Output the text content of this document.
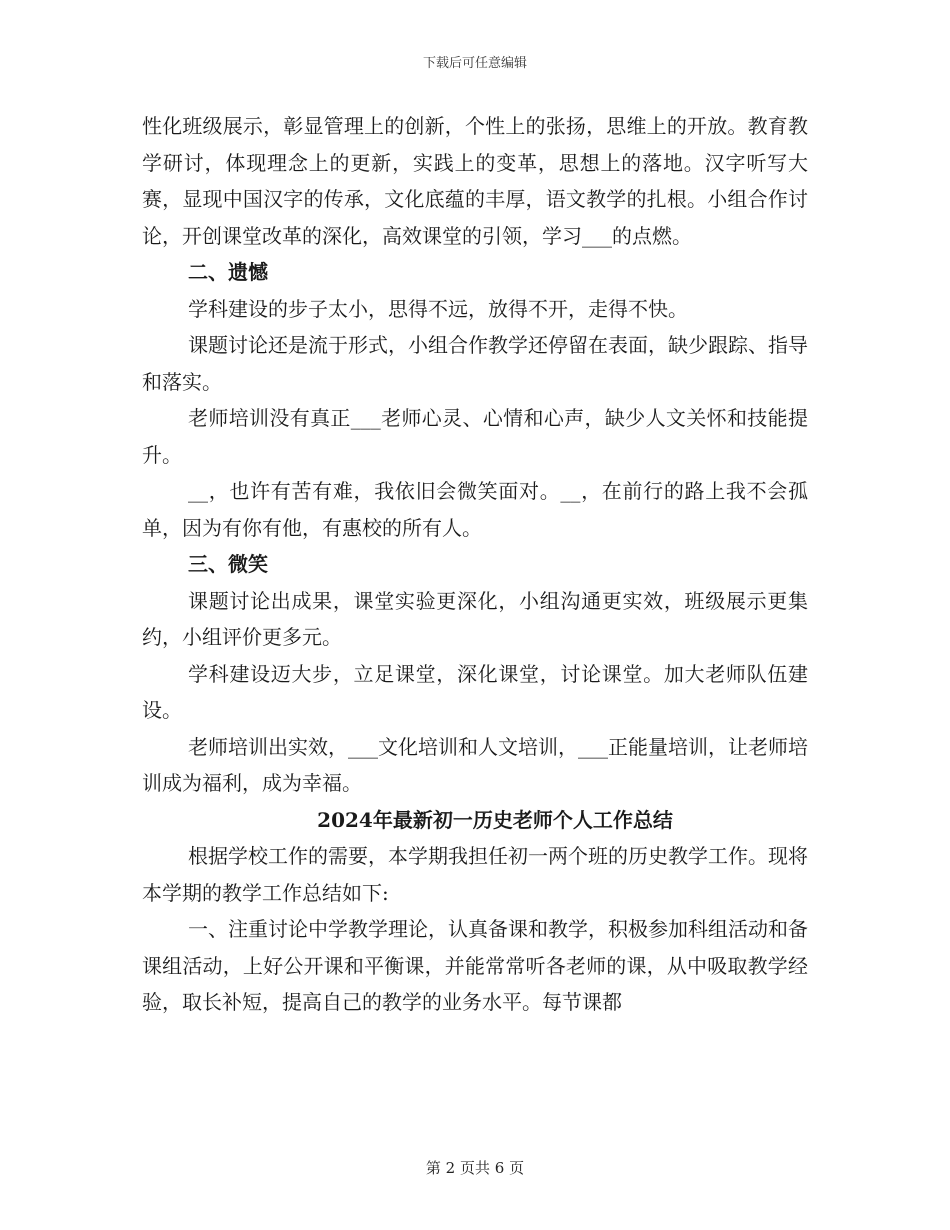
下载后可任意编辑

性化班级展示，彰显管理上的创新，个性上的张扬，思维上的开放。教育教学研讨，体现理念上的更新，实践上的变革，思想上的落地。汉字听写大赛，显现中国汉字的传承，文化底蕴的丰厚，语文教学的扎根。小组合作讨论，开创课堂改革的深化，高效课堂的引领，学习___的点燃。

二、遗憾

学科建设的步子太小，思得不远，放得不开，走得不快。

课题讨论还是流于形式，小组合作教学还停留在表面，缺少跟踪、指导和落实。

老师培训没有真正___老师心灵、心情和心声，缺少人文关怀和技能提升。

__，也许有苦有难，我依旧会微笑面对。__，在前行的路上我不会孤单，因为有你有他，有惠校的所有人。

三、微笑

课题讨论出成果，课堂实验更深化，小组沟通更实效，班级展示更集约，小组评价更多元。

学科建设迈大步，立足课堂，深化课堂，讨论课堂。加大老师队伍建设。

老师培训出实效，___文化培训和人文培训，___正能量培训，让老师培训成为福利，成为幸福。

2024年最新初一历史老师个人工作总结

根据学校工作的需要，本学期我担任初一两个班的历史教学工作。现将本学期的教学工作总结如下:

一、注重讨论中学教学理论，认真备课和教学，积极参加科组活动和备课组活动，上好公开课和平衡课，并能常常听各老师的课，从中吸取教学经验，取长补短，提高自己的教学的业务水平。每节课都

第 2 页共 6 页
